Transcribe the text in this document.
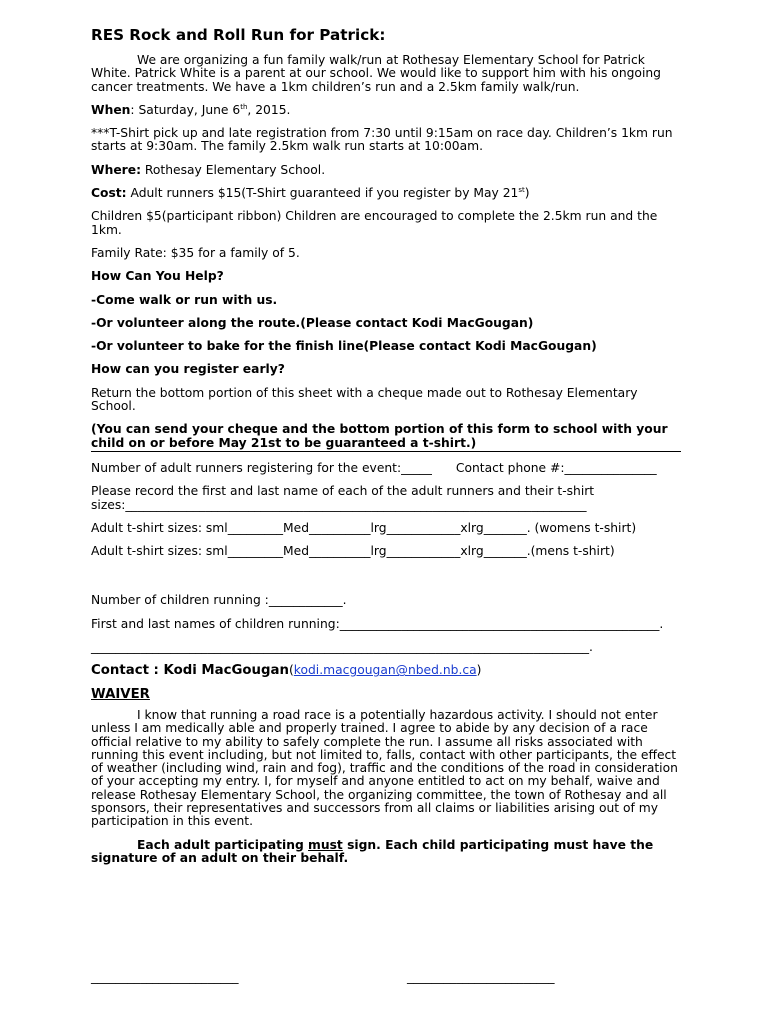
RES Rock and Roll Run for Patrick:

We are organizing a fun family walk/run at Rothesay Elementary School for Patrick White. Patrick White is a parent at our school. We would like to support him with his ongoing cancer treatments. We have a 1km children’s run and a 2.5km family walk/run.

When: Saturday, June 6th, 2015.

***T-Shirt pick up and late registration from 7:30 until 9:15am on race day. Children’s 1km run starts at 9:30am. The family 2.5km walk run starts at 10:00am.

Where: Rothesay Elementary School.

Cost: Adult runners $15(T-Shirt guaranteed if you register by May 21st)

Children $5(participant ribbon) Children are encouraged to complete the 2.5km run and the 1km.

Family Rate: $35 for a family of 5.

How Can You Help?

-Come walk or run with us.

-Or volunteer along the route.(Please contact Kodi MacGougan)

-Or volunteer to bake for the finish line(Please contact Kodi MacGougan)

How can you register early?

Return the bottom portion of this sheet with a cheque made out to Rothesay Elementary School.

(You can send your cheque and the bottom portion of this form to school with your child on or before May 21st to be guaranteed a t-shirt.)

Number of adult runners registering for the event:_____ Contact phone #:_______________

Please record the first and last name of each of the adult runners and their t-shirt sizes:___________________________________________________________________________

Adult t-shirt sizes: sml_________Med__________lrg____________xlrg_______. (womens t-shirt)

Adult t-shirt sizes: sml_________Med__________lrg____________xlrg_______.(mens t-shirt)

Number of children running :____________.

First and last names of children running:____________________________________________________.

_________________________________________________________________________________.

Contact : Kodi MacGougan(kodi.macgougan@nbed.nb.ca)

WAIVER

I know that running a road race is a potentially hazardous activity. I should not enter unless I am medically able and properly trained. I agree to abide by any decision of a race official relative to my ability to safely complete the run. I assume all risks associated with running this event including, but not limited to, falls, contact with other participants, the effect of weather (including wind, rain and fog), traffic and the conditions of the road in consideration of your accepting my entry. I, for myself and anyone entitled to act on my behalf, waive and release Rothesay Elementary School, the organizing committee, the town of Rothesay and all sponsors, their representatives and successors from all claims or liabilities arising out of my participation in this event.

Each adult participating must sign. Each child participating must have the signature of an adult on their behalf.

________________________	________________________
